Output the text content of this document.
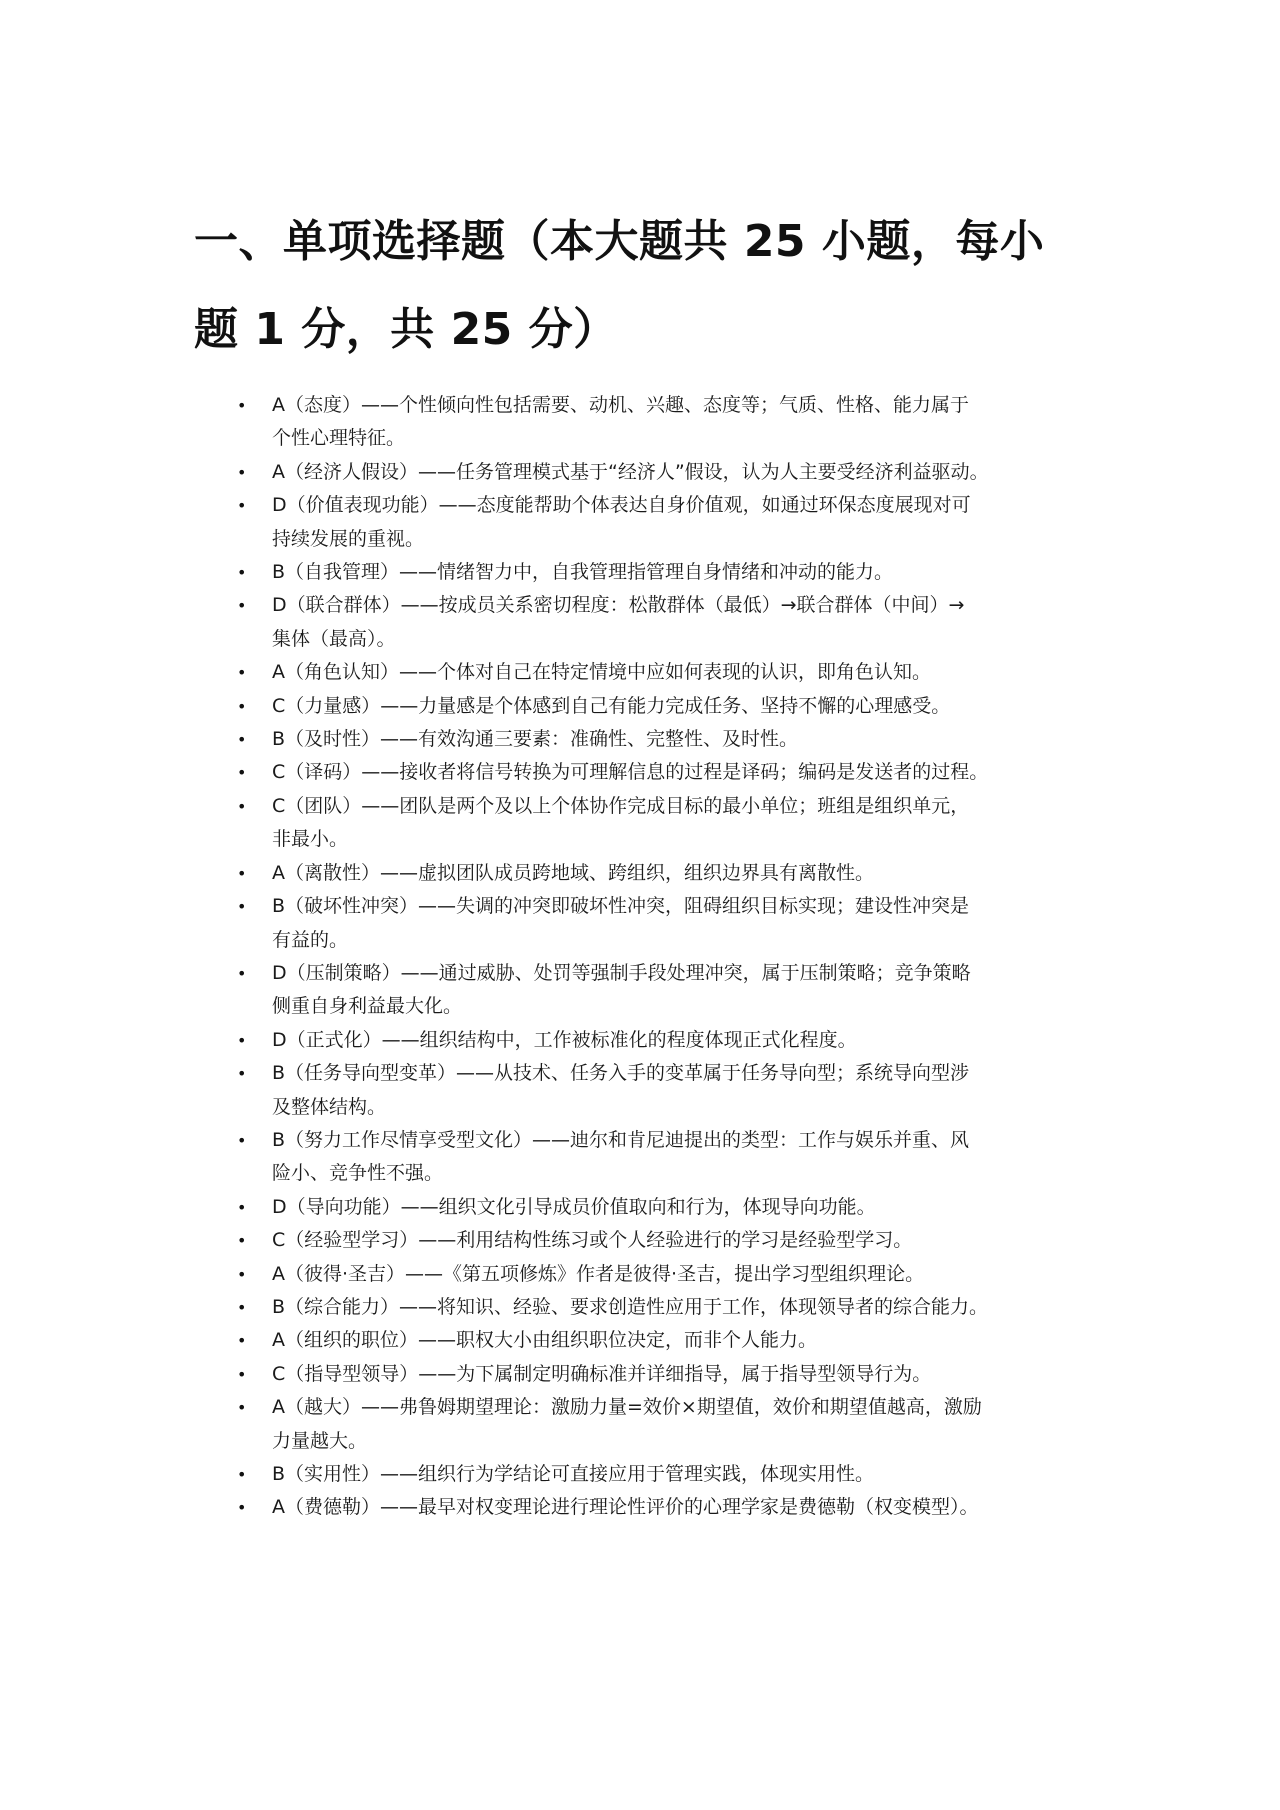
一、单项选择题（本大题共 25 小题，每小
题 1 分，共 25 分）
• A（态度）——个性倾向性包括需要、动机、兴趣、态度等；气质、性格、能力属于
个性心理特征。
• A（经济人假设）——任务管理模式基于“经济人”假设，认为人主要受经济利益驱动。
• D（价值表现功能）——态度能帮助个体表达自身价值观，如通过环保态度展现对可
持续发展的重视。
• B（自我管理）——情绪智力中，自我管理指管理自身情绪和冲动的能力。
• D（联合群体）——按成员关系密切程度：松散群体（最低）→联合群体（中间）→
集体（最高）。
• A（角色认知）——个体对自己在特定情境中应如何表现的认识，即角色认知。
• C（力量感）——力量感是个体感到自己有能力完成任务、坚持不懈的心理感受。
• B（及时性）——有效沟通三要素：准确性、完整性、及时性。
• C（译码）——接收者将信号转换为可理解信息的过程是译码；编码是发送者的过程。
• C（团队）——团队是两个及以上个体协作完成目标的最小单位；班组是组织单元，
非最小。
• A（离散性）——虚拟团队成员跨地域、跨组织，组织边界具有离散性。
• B（破坏性冲突）——失调的冲突即破坏性冲突，阻碍组织目标实现；建设性冲突是
有益的。
• D（压制策略）——通过威胁、处罚等强制手段处理冲突，属于压制策略；竞争策略
侧重自身利益最大化。
• D（正式化）——组织结构中，工作被标准化的程度体现正式化程度。
• B（任务导向型变革）——从技术、任务入手的变革属于任务导向型；系统导向型涉
及整体结构。
• B（努力工作尽情享受型文化）——迪尔和肯尼迪提出的类型：工作与娱乐并重、风
险小、竞争性不强。
• D（导向功能）——组织文化引导成员价值取向和行为，体现导向功能。
• C（经验型学习）——利用结构性练习或个人经验进行的学习是经验型学习。
• A（彼得·圣吉）——《第五项修炼》作者是彼得·圣吉，提出学习型组织理论。
• B（综合能力）——将知识、经验、要求创造性应用于工作，体现领导者的综合能力。
• A（组织的职位）——职权大小由组织职位决定，而非个人能力。
• C（指导型领导）——为下属制定明确标准并详细指导，属于指导型领导行为。
• A（越大）——弗鲁姆期望理论：激励力量=效价×期望值，效价和期望值越高，激励
力量越大。
• B（实用性）——组织行为学结论可直接应用于管理实践，体现实用性。
• A（费德勒）——最早对权变理论进行理论性评价的心理学家是费德勒（权变模型）。
